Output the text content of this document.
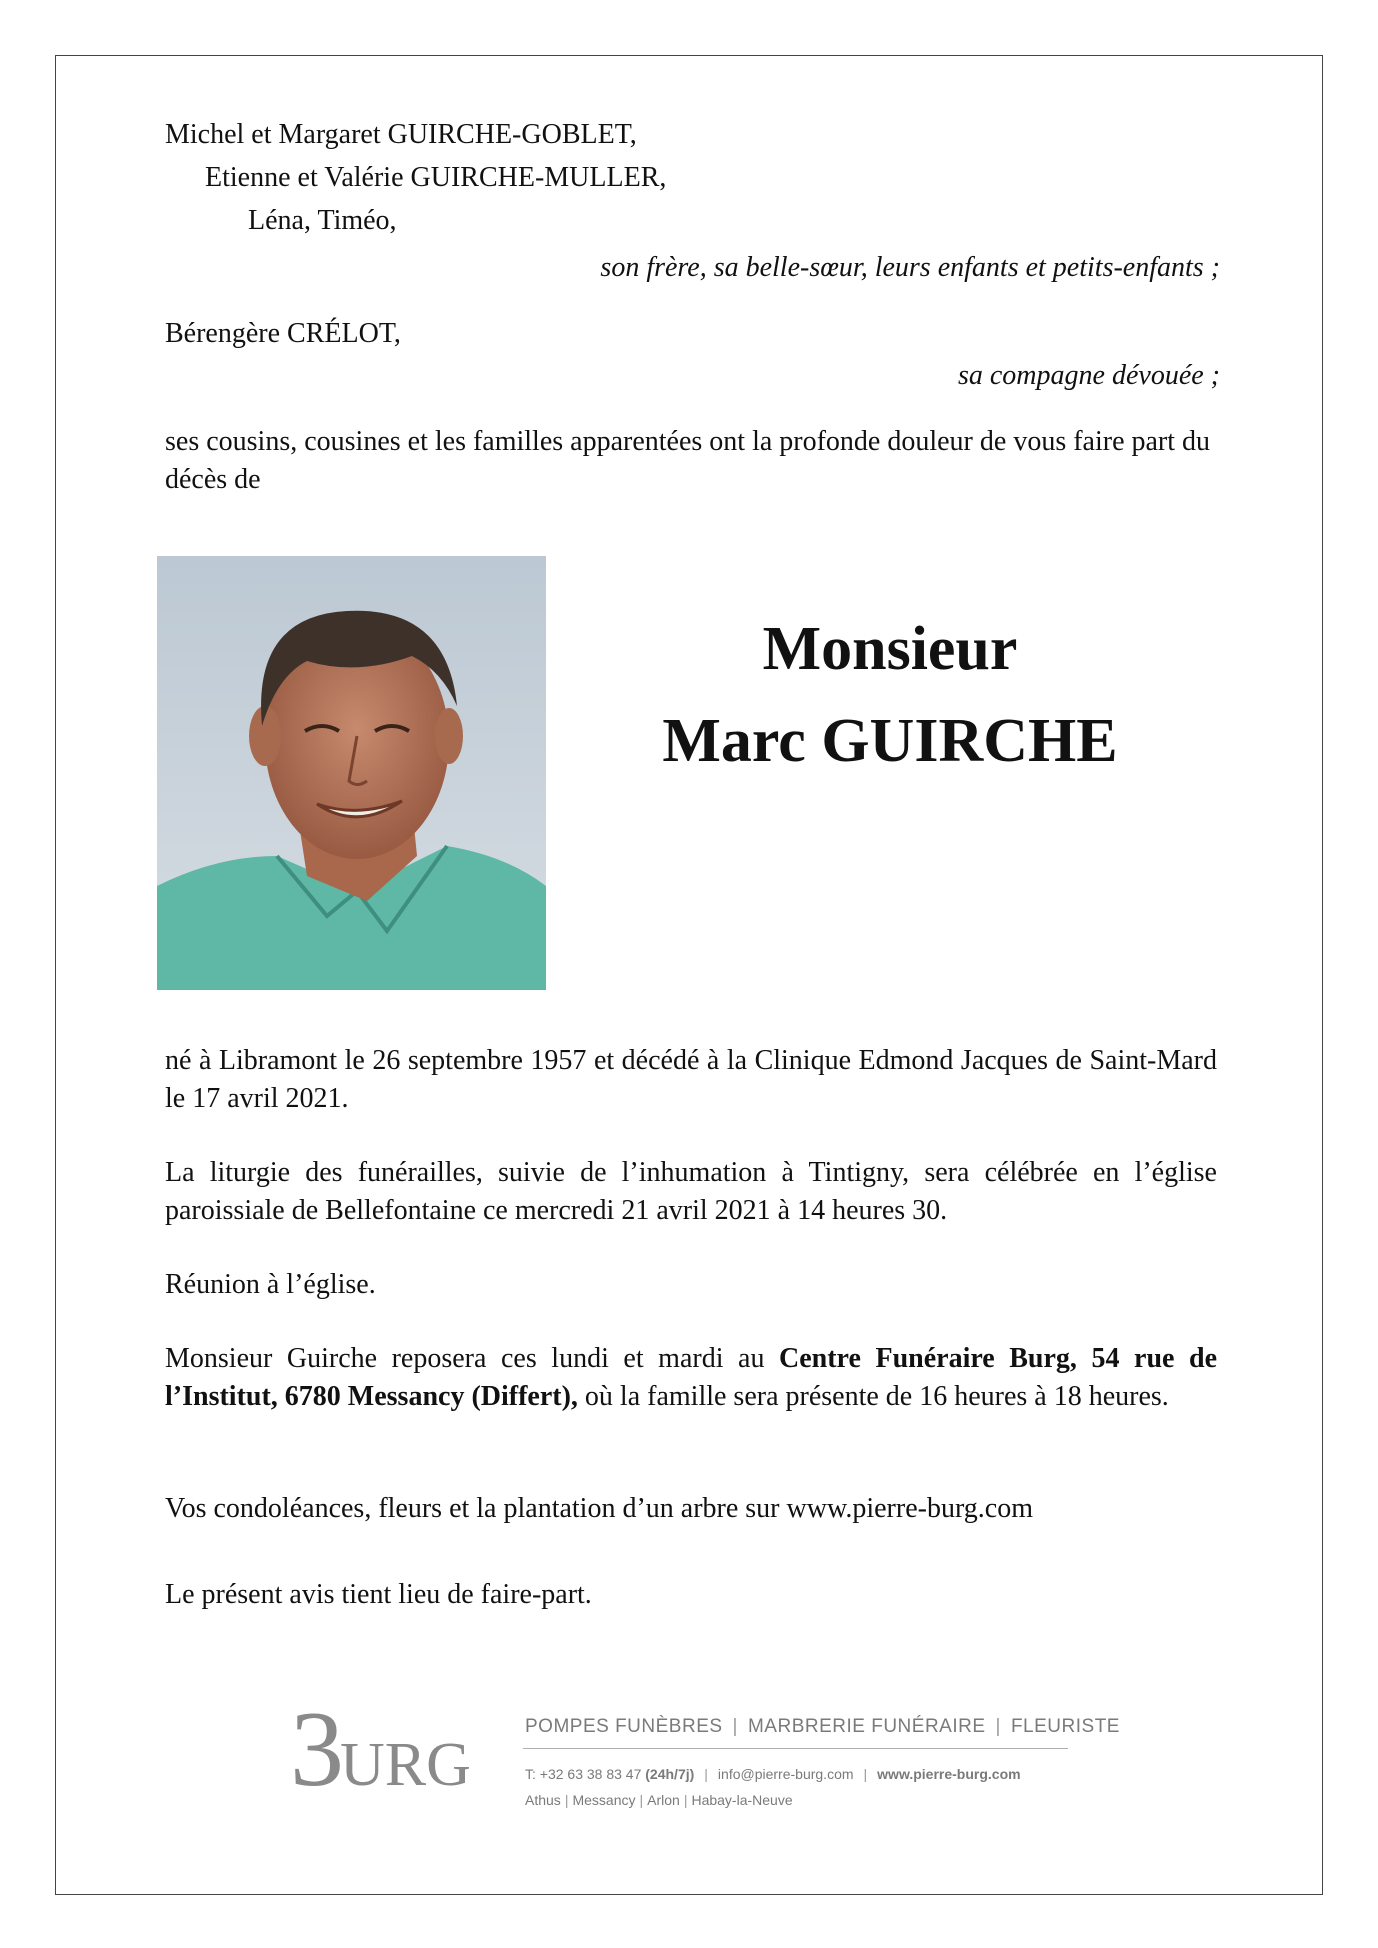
Michel et Margaret GUIRCHE-GOBLET,
Etienne et Valérie GUIRCHE-MULLER,
Léna, Timéo,
son frère, sa belle-sœur, leurs enfants et petits-enfants ;
Bérengère CRÉLOT,
sa compagne dévouée ;
ses cousins, cousines et les familles apparentées ont la profonde douleur de vous faire part du décès de
Monsieur
Marc GUIRCHE
né à Libramont le 26 septembre 1957 et décédé à la Clinique Edmond Jacques de Saint-Mard le 17 avril 2021.
La liturgie des funérailles, suivie de l’inhumation à Tintigny, sera célébrée en l’église paroissiale de Bellefontaine ce mercredi 21 avril 2021 à 14 heures 30.
Réunion à l’église.
Monsieur Guirche reposera ces lundi et mardi au Centre Funéraire Burg, 54 rue de l’Institut, 6780 Messancy (Differt), où la famille sera présente de 16 heures à 18 heures.
Vos condoléances, fleurs et la plantation d’un arbre sur www.pierre-burg.com
Le présent avis tient lieu de faire-part.
3
URG
POMPES FUNÈBRES | MARBRERIE FUNÉRAIRE | FLEURISTE
T: +32 63 38 83 47 (24h/7j) | info@pierre-burg.com | www.pierre-burg.com
Athus | Messancy | Arlon | Habay-la-Neuve
